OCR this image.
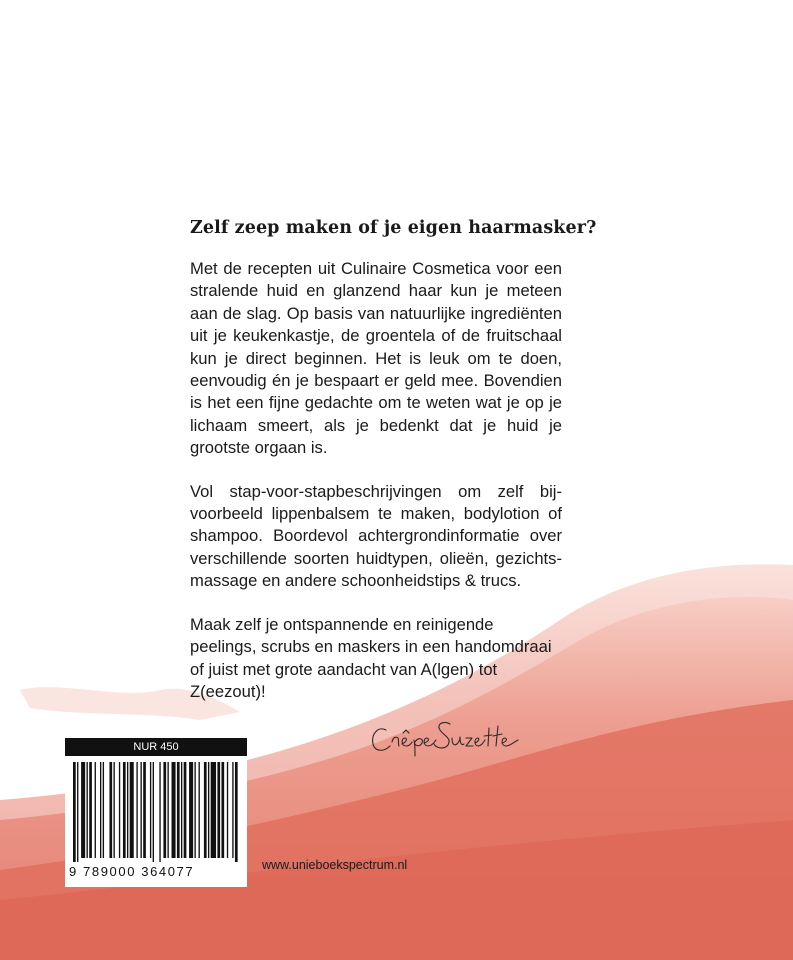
Zelf zeep maken of je eigen haarmasker?

Met de recepten uit Culinaire Cosmetica voor een stralende huid en glanzend haar kun je meteen aan de slag. Op basis van natuurlijke ingrediënten uit je keukenkastje, de groentela of de fruitschaal kun je direct beginnen. Het is leuk om te doen, eenvoudig én je bespaart er geld mee. Bovendien is het een fijne gedachte om te weten wat je op je lichaam smeert, als je bedenkt dat je huid je grootste orgaan is.

Vol stap-voor-stapbeschrijvingen om zelf bij-voorbeeld lippenbalsem te maken, bodylotion of shampoo. Boordevol achtergrondinformatie over verschillende soorten huidtypen, olieën, gezichts-massage en andere schoonheidstips & trucs.

Maak zelf je ontspannende en reinigende peelings, scrubs en maskers in een handomdraai of juist met grote aandacht van A(lgen) tot Z(eezout)!

NUR 450
9 789000 364077	www.unieboekspectrum.nl
